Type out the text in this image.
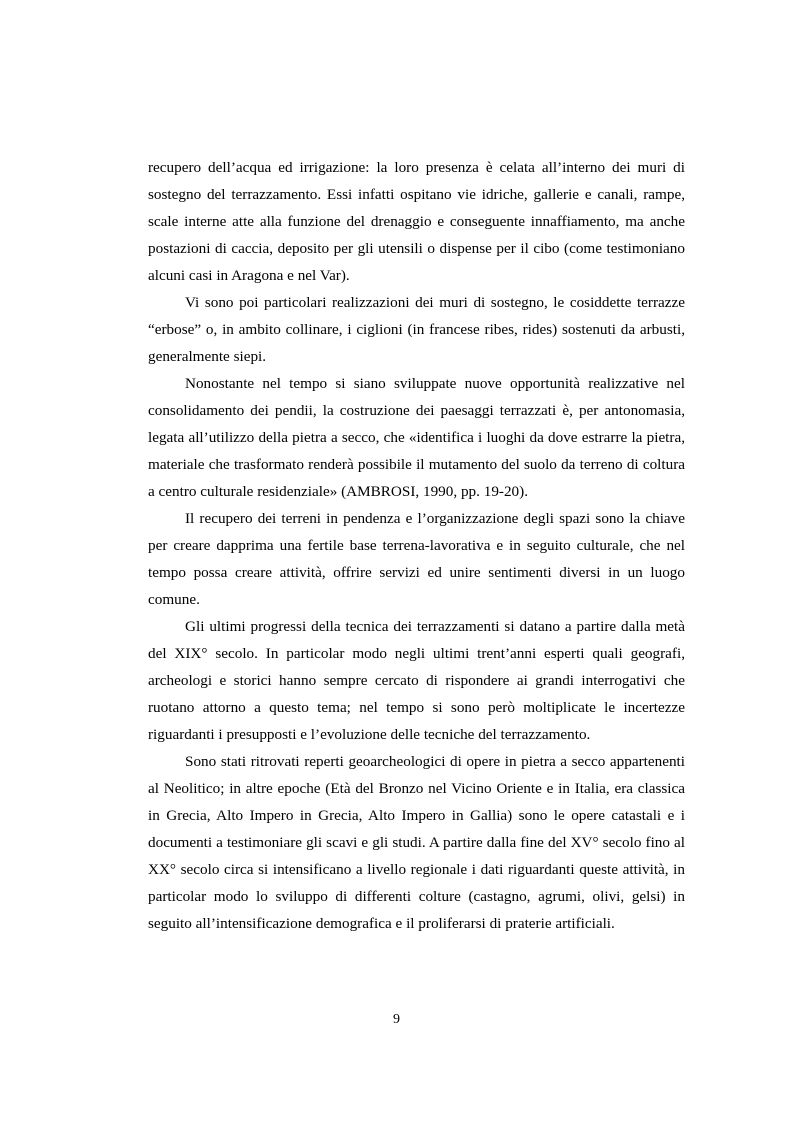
recupero dell’acqua ed irrigazione: la loro presenza è celata all’interno dei muri di sostegno del terrazzamento. Essi infatti ospitano vie idriche, gallerie e canali, rampe, scale interne atte alla funzione del drenaggio e conseguente innaffiamento, ma anche postazioni di caccia, deposito per gli utensili o dispense per il cibo (come testimoniano alcuni casi in Aragona e nel Var).

Vi sono poi particolari realizzazioni dei muri di sostegno, le cosiddette terrazze “erbose” o, in ambito collinare, i ciglioni (in francese ribes, rides) sostenuti da arbusti, generalmente siepi.

Nonostante nel tempo si siano sviluppate nuove opportunità realizzative nel consolidamento dei pendii, la costruzione dei paesaggi terrazzati è, per antonomasia, legata all’utilizzo della pietra a secco, che «identifica i luoghi da dove estrarre la pietra, materiale che trasformato renderà possibile il mutamento del suolo da terreno di coltura a centro culturale residenziale» (AMBROSI, 1990, pp. 19-20).

Il recupero dei terreni in pendenza e l’organizzazione degli spazi sono la chiave per creare dapprima una fertile base terrena-lavorativa e in seguito culturale, che nel tempo possa creare attività, offrire servizi ed unire sentimenti diversi in un luogo comune.

Gli ultimi progressi della tecnica dei terrazzamenti si datano a partire dalla metà del XIX° secolo. In particolar modo negli ultimi trent’anni esperti quali geografi, archeologi e storici hanno sempre cercato di rispondere ai grandi interrogativi che ruotano attorno a questo tema; nel tempo si sono però moltiplicate le incertezze riguardanti i presupposti e l’evoluzione delle tecniche del terrazzamento.

Sono stati ritrovati reperti geoarcheologici di opere in pietra a secco appartenenti al Neolitico; in altre epoche (Età del Bronzo nel Vicino Oriente e in Italia, era classica in Grecia, Alto Impero in Grecia, Alto Impero in Gallia) sono le opere catastali e i documenti a testimoniare gli scavi e gli studi. A partire dalla fine del XV° secolo fino al XX° secolo circa si intensificano a livello regionale i dati riguardanti queste attività, in particolar modo lo sviluppo di differenti colture (castagno, agrumi, olivi, gelsi) in seguito all’intensificazione demografica e il proliferarsi di praterie artificiali.

9
